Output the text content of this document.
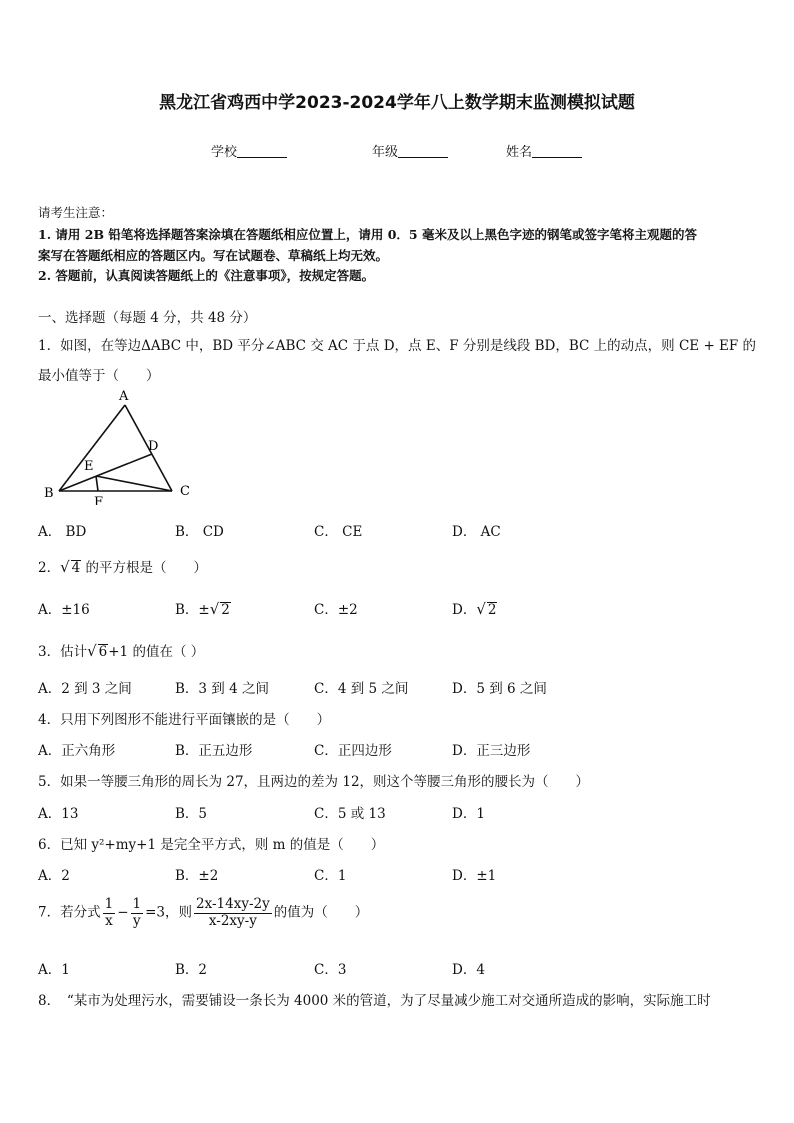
黑龙江省鸡西中学2023-2024学年八上数学期末监测模拟试题
学校	年级	姓名
请考生注意：
1. 请用 2B 铅笔将选择题答案涂填在答题纸相应位置上，请用 0．5 毫米及以上黑色字迹的钢笔或签字笔将主观题的答
案写在答题纸相应的答题区内。写在试题卷、草稿纸上均无效。
2. 答题前，认真阅读答题纸上的《注意事项》，按规定答题。
一、选择题（每题 4 分，共 48 分）
1．如图，在等边ΔABC 中，BD 平分∠ABC 交 AC 于点 D，点 E、F 分别是线段 BD，BC 上的动点，则 CE + EF 的
最小值等于（　　）
A
B	C
D
E
F
A． BD	B． CD	C． CE	D． AC
2．√ 4 的平方根是（　　）
A．±16	B．±√ 2	C．±2	D．√ 2
3．估计√ 6+1 的值在（ ）
A．2 到 3 之间	B．3 到 4 之间	C．4 到 5 之间	D．5 到 6 之间
4．只用下列图形不能进行平面镶嵌的是（　　）
A．正六角形	B．正五边形	C．正四边形	D．正三边形
5．如果一等腰三角形的周长为 27，且两边的差为 12，则这个等腰三角形的腰长为（　　）
A．13	B．5	C．5 或 13	D．1
6．已知 y²+my+1 是完全平方式，则 m 的值是（　　）
A．2	B．±2	C．1	D．±1
7．若分式 $\frac{1}{x} - \frac{1}{y} =3$，则 $\frac{2x-14xy-2y}{x-2xy-y}$ 的值为（　　）
A．1	B．2	C．3	D．4
8．　“某市为处理污水，需要铺设一条长为 4000 米的管道，为了尽量减少施工对交通所造成的影响，实际施工时
